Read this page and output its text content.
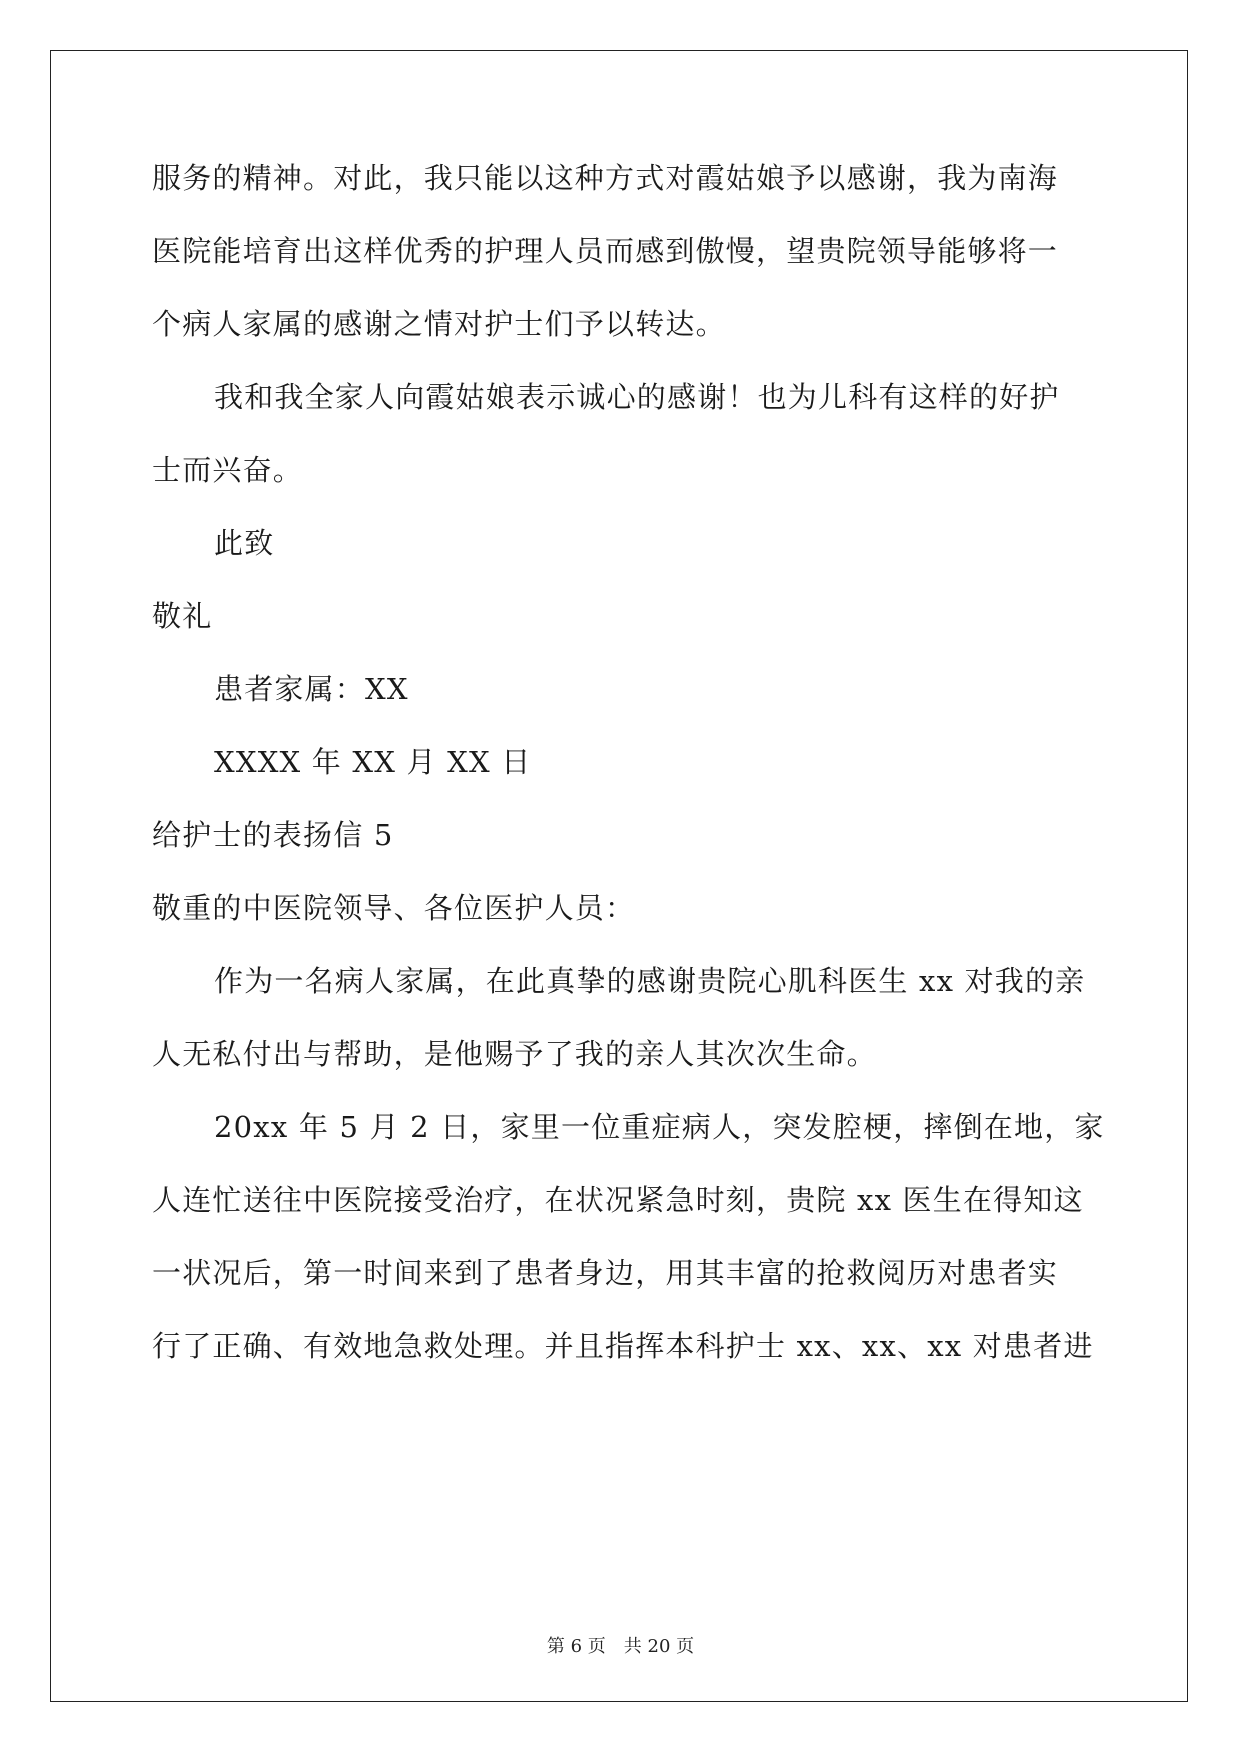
服务的精神。对此，我只能以这种方式对霞姑娘予以感谢，我为南海
医院能培育出这样优秀的护理人员而感到傲慢，望贵院领导能够将一
个病人家属的感谢之情对护士们予以转达。
我和我全家人向霞姑娘表示诚心的感谢！也为儿科有这样的好护
士而兴奋。
此致
敬礼
患者家属：XX
XXXX 年 XX 月 XX 日
给护士的表扬信 5
敬重的中医院领导、各位医护人员：
作为一名病人家属，在此真挚的感谢贵院心肌科医生 xx 对我的亲
人无私付出与帮助，是他赐予了我的亲人其次次生命。
20xx 年 5 月 2 日，家里一位重症病人，突发腔梗，摔倒在地，家
人连忙送往中医院接受治疗，在状况紧急时刻，贵院 xx 医生在得知这
一状况后，第一时间来到了患者身边，用其丰富的抢救阅历对患者实
行了正确、有效地急救处理。并且指挥本科护士 xx、xx、xx 对患者进
第 6 页　共 20 页
